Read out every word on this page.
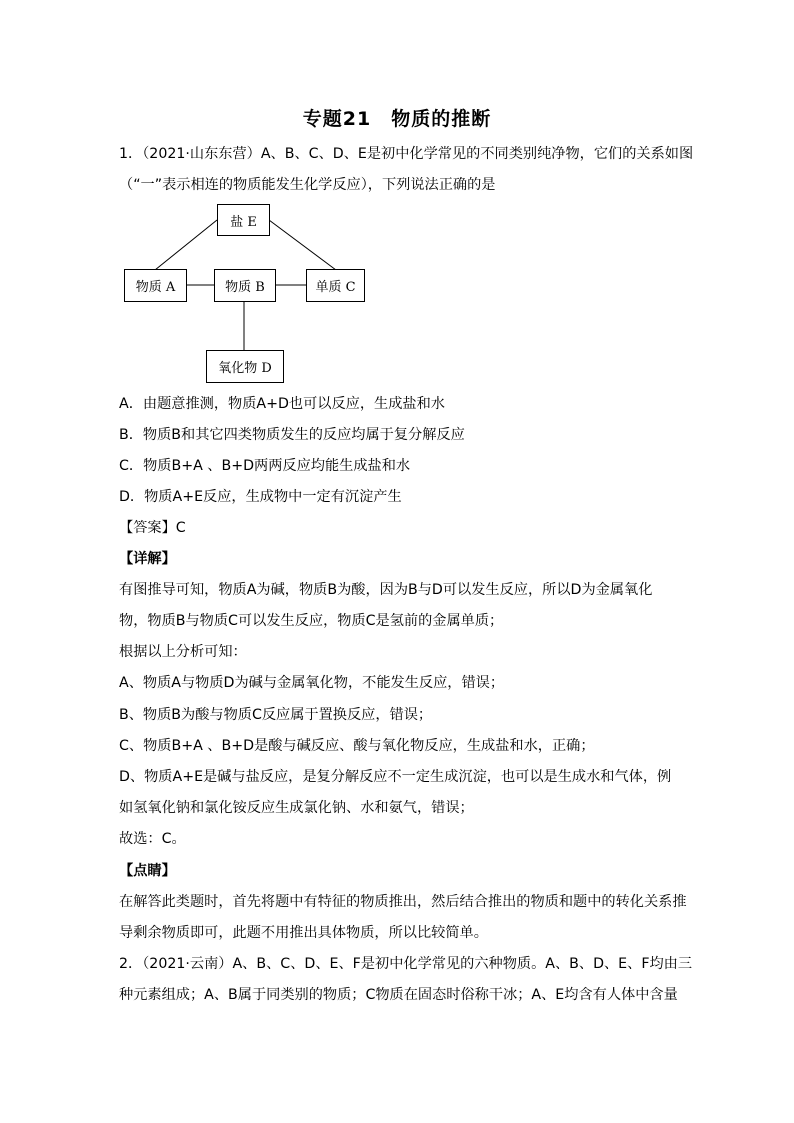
专题21　物质的推断
1．（2021·山东东营）A、B、C、D、E是初中化学常见的不同类别纯净物，它们的关系如图
（“一”表示相连的物质能发生化学反应），下列说法正确的是
盐 E
物质 A	物质 B	单质 C
氧化物 D
A．由题意推测，物质A+D也可以反应，生成盐和水
B．物质B和其它四类物质发生的反应均属于复分解反应
C．物质B+A 、B+D两两反应均能生成盐和水
D．物质A+E反应，生成物中一定有沉淀产生
【答案】C
【详解】
有图推导可知，物质A为碱，物质B为酸，因为B与D可以发生反应，所以D为金属氧化
物，物质B与物质C可以发生反应，物质C是氢前的金属单质；
根据以上分析可知：
A、物质A与物质D为碱与金属氧化物，不能发生反应，错误；
B、物质B为酸与物质C反应属于置换反应，错误；
C、物质B+A 、B+D是酸与碱反应、酸与氧化物反应，生成盐和水，正确；
D、物质A+E是碱与盐反应，是复分解反应不一定生成沉淀，也可以是生成水和气体，例
如氢氧化钠和氯化铵反应生成氯化钠、水和氨气，错误；
故选：C。
【点睛】
在解答此类题时，首先将题中有特征的物质推出，然后结合推出的物质和题中的转化关系推
导剩余物质即可，此题不用推出具体物质，所以比较简单。
2．（2021·云南）A、B、C、D、E、F是初中化学常见的六种物质。A、B、D、E、F均由三
种元素组成；A、B属于同类别的物质；C物质在固态时俗称干冰；A、E均含有人体中含量
